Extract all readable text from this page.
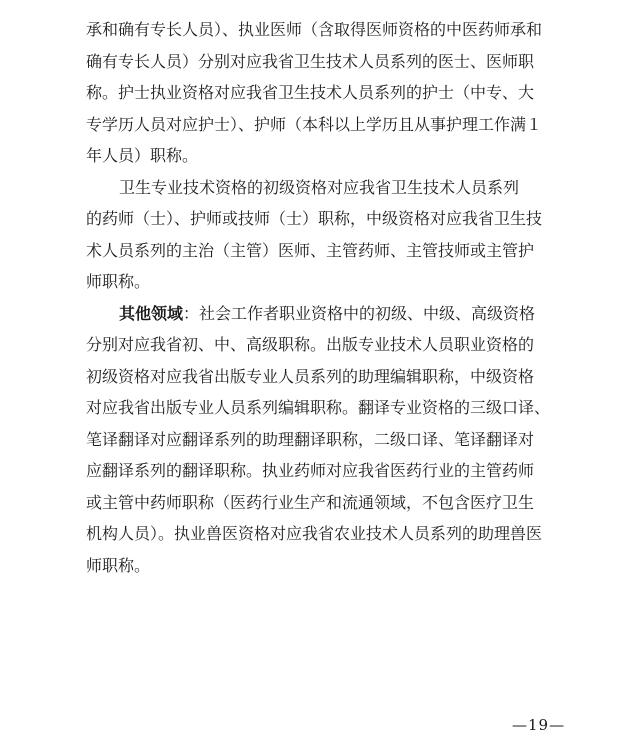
承和确有专长人员）、执业医师（含取得医师资格的中医药师承和
确有专长人员）分别对应我省卫生技术人员系列的医士、医师职
称。护士执业资格对应我省卫生技术人员系列的护士（中专、大
专学历人员对应护士）、护师（本科以上学历且从事护理工作满１
年人员）职称。
卫生专业技术资格的初级资格对应我省卫生技术人员系列
的药师（士）、护师或技师（士）职称，中级资格对应我省卫生技
术人员系列的主治（主管）医师、主管药师、主管技师或主管护
师职称。
其他领域：社会工作者职业资格中的初级、中级、高级资格
分别对应我省初、中、高级职称。出版专业技术人员职业资格的
初级资格对应我省出版专业人员系列的助理编辑职称，中级资格
对应我省出版专业人员系列编辑职称。翻译专业资格的三级口译、
笔译翻译对应翻译系列的助理翻译职称，二级口译、笔译翻译对
应翻译系列的翻译职称。执业药师对应我省医药行业的主管药师
或主管中药师职称（医药行业生产和流通领域，不包含医疗卫生
机构人员）。执业兽医资格对应我省农业技术人员系列的助理兽医
师职称。
—19—
